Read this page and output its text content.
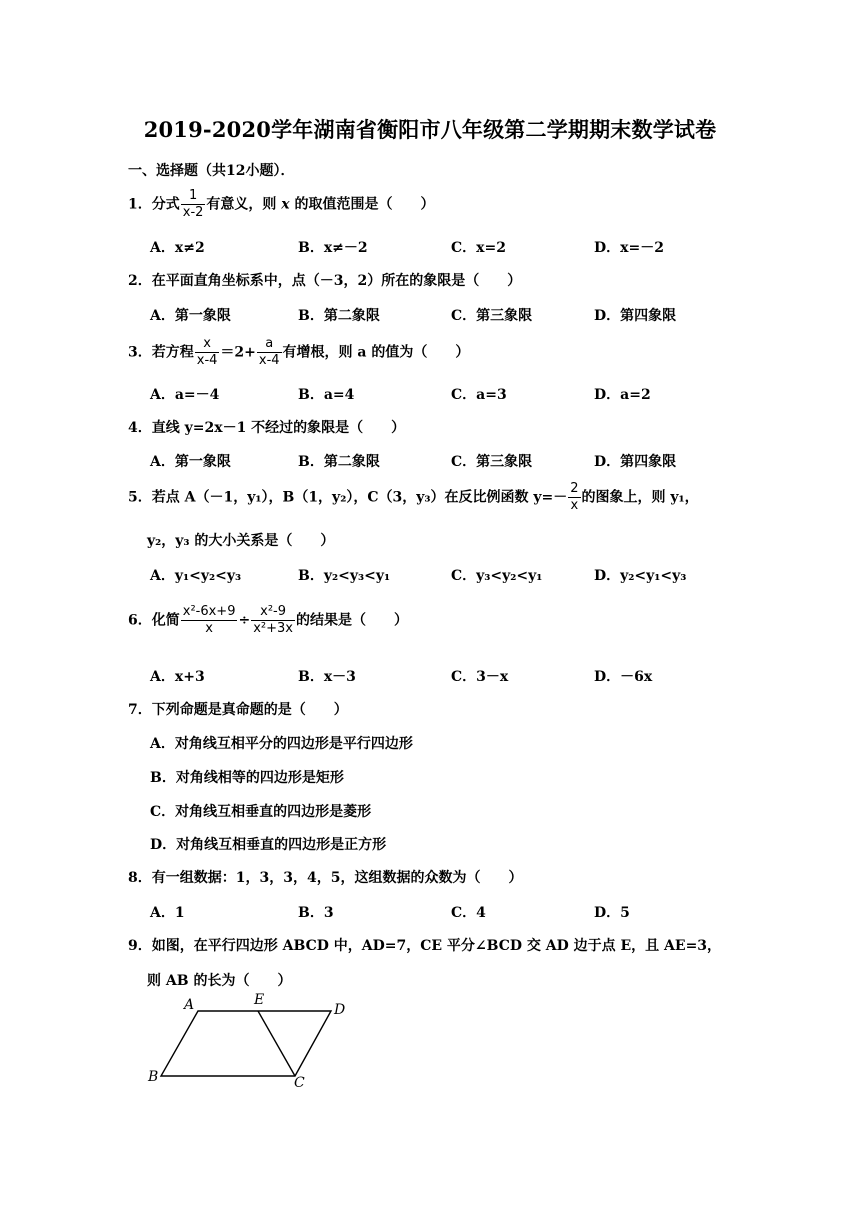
2019-2020学年湖南省衡阳市八年级第二学期期末数学试卷
一、选择题（共12小题）．
1．分式 $\frac{1}{x-2}$ 有意义，则 x 的取值范围是（　　）
A．x≠2	B．x≠－2	C．x=2	D．x=－2
2．在平面直角坐标系中，点（－3，2）所在的象限是（　　）
A．第一象限	B．第二象限	C．第三象限	D．第四象限
3．若方程 $\frac{x}{x-4} =2+ \frac{a}{x-4}$ 有增根，则 a 的值为（　　）
A．a=－4	B．a=4	C．a=3	D．a=2
4．直线 y=2x－1 不经过的象限是（　　）
A．第一象限	B．第二象限	C．第三象限	D．第四象限
5．若点 A（－1，y₁），B（1，y₂），C（3，y₃）在反比例函数 $y=- \frac{2}{x}$ 的图象上，则 y₁，
y₂，y₃ 的大小关系是（　　）
A．y₁<y₂<y₃	B．y₂<y₃<y₁	C．y₃<y₂<y₁	D．y₂<y₁<y₃
6．化简 $\frac{\text{x²-6x+9}}{x} \div \frac{\text{x²-9}}{\text{x²+3x}}$ 的结果是（　　）
A．x+3	B．x－3	C．3－x	D．－6x
7．下列命题是真命题的是（　　）
A．对角线互相平分的四边形是平行四边形
B．对角线相等的四边形是矩形
C．对角线互相垂直的四边形是菱形
D．对角线互相垂直的四边形是正方形
8．有一组数据：1，3，3，4，5，这组数据的众数为（　　）
A．1	B．3	C．4	D．5
9．如图，在平行四边形 ABCD 中，AD=7，CE 平分∠BCD 交 AD 边于点 E，且 AE=3，
则 AB 的长为（　　）
A	E
D
B	C
